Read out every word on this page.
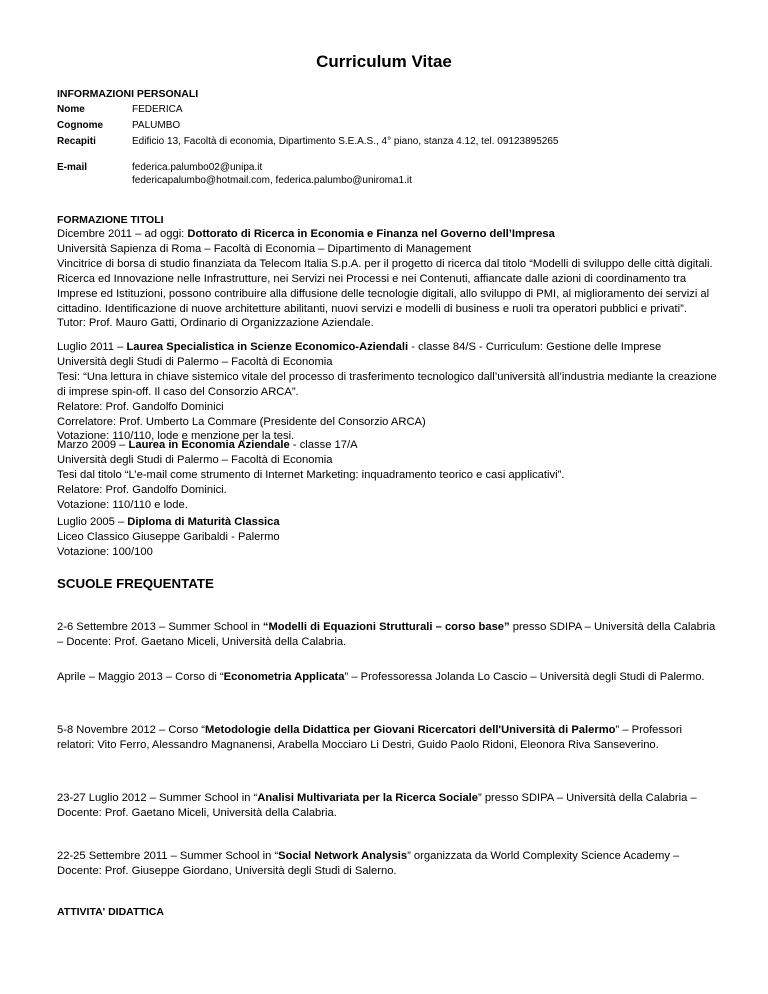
Curriculum Vitae
INFORMAZIONI PERSONALI
Nome	FEDERICA
Cognome	PALUMBO
Recapiti	Edificio 13, Facoltà di economia, Dipartimento S.E.A.S., 4° piano, stanza 4.12, tel. 09123895265
E-mail	federica.palumbo02@unipa.it
federicapalumbo@hotmail.com, federica.palumbo@uniroma1.it
FORMAZIONE TITOLI

Dicembre 2011 – ad oggi: Dottorato di Ricerca in Economia e Finanza nel Governo dell’Impresa

Università Sapienza di Roma – Facoltà di Economia – Dipartimento di Management

Vincitrice di borsa di studio finanziata da Telecom Italia S.p.A. per il progetto di ricerca dal titolo “Modelli di sviluppo delle città digitali. Ricerca ed Innovazione nelle Infrastrutture, nei Servizi nei Processi e nei Contenuti, affiancate dalle azioni di coordinamento tra Imprese ed Istituzioni, possono contribuire alla diffusione delle tecnologie digitali, allo sviluppo di PMI, al miglioramento dei servizi al cittadino. Identificazione di nuove architetture abilitanti, nuovi servizi e modelli di business e ruoli tra operatori pubblici e privati”.

Tutor: Prof. Mauro Gatti, Ordinario di Organizzazione Aziendale.

Luglio 2011 – Laurea Specialistica in Scienze Economico-Aziendali - classe 84/S - Curriculum: Gestione delle Imprese

Università degli Studi di Palermo – Facoltà di Economia

Tesi: “Una lettura in chiave sistemico vitale del processo di trasferimento tecnologico dall’università all’industria mediante la creazione di imprese spin-off. Il caso del Consorzio ARCA”.

Relatore: Prof. Gandolfo Dominici

Correlatore: Prof. Umberto La Commare (Presidente del Consorzio ARCA)

Votazione: 110/110, lode e menzione per la tesi.

Marzo 2009 – Laurea in Economia Aziendale - classe 17/A

Università degli Studi di Palermo – Facoltà di Economia

Tesi dal titolo “L’e-mail come strumento di Internet Marketing: inquadramento teorico e casi applicativi”.

Relatore: Prof. Gandolfo Dominici.

Votazione: 110/110 e lode.

Luglio 2005 – Diploma di Maturità Classica

Liceo Classico Giuseppe Garibaldi - Palermo

Votazione: 100/100

SCUOLE FREQUENTATE

2-6 Settembre 2013 – Summer School in “Modelli di Equazioni Strutturali – corso base” presso SDIPA – Università della Calabria – Docente: Prof. Gaetano Miceli, Università della Calabria.

Aprile – Maggio 2013 – Corso di “Econometria Applicata” – Professoressa Jolanda Lo Cascio – Università degli Studi di Palermo.

5-8 Novembre 2012 – Corso “Metodologie della Didattica per Giovani Ricercatori dell'Università di Palermo” – Professori relatori: Vito Ferro, Alessandro Magnanensi, Arabella Mocciaro Li Destri, Guido Paolo Ridoni, Eleonora Riva Sanseverino.

23-27 Luglio 2012 – Summer School in “Analisi Multivariata per la Ricerca Sociale” presso SDIPA – Università della Calabria – Docente: Prof. Gaetano Miceli, Università della Calabria.

22-25 Settembre 2011 – Summer School in “Social Network Analysis” organizzata da World Complexity Science Academy – Docente: Prof. Giuseppe Giordano, Università degli Studi di Salerno.

ATTIVITA' DIDATTICA
